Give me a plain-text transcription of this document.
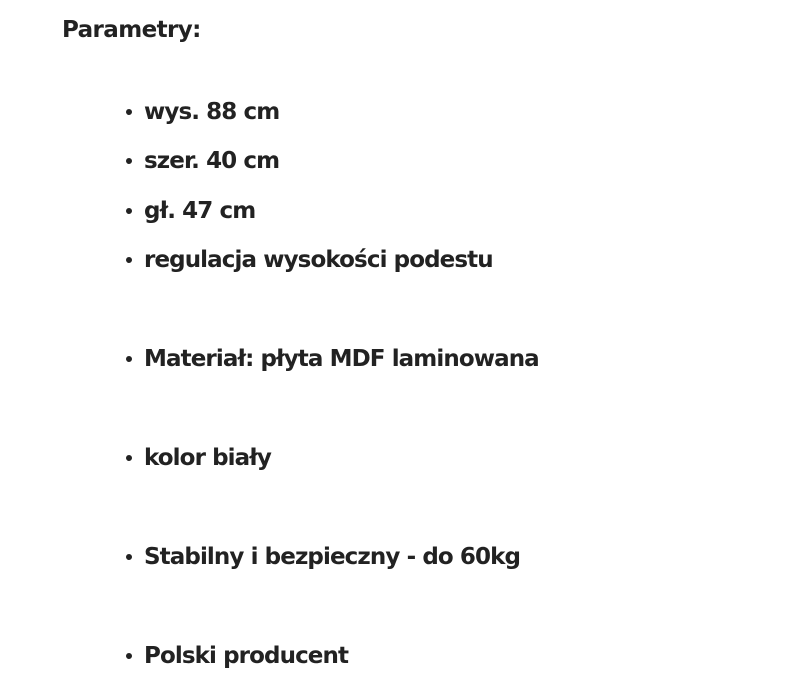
Parametry:
wys. 88 cm
szer. 40 cm
gł. 47 cm
regulacja wysokości podestu
Materiał: płyta MDF laminowana
kolor biały
Stabilny i bezpieczny - do 60kg
Polski producent
